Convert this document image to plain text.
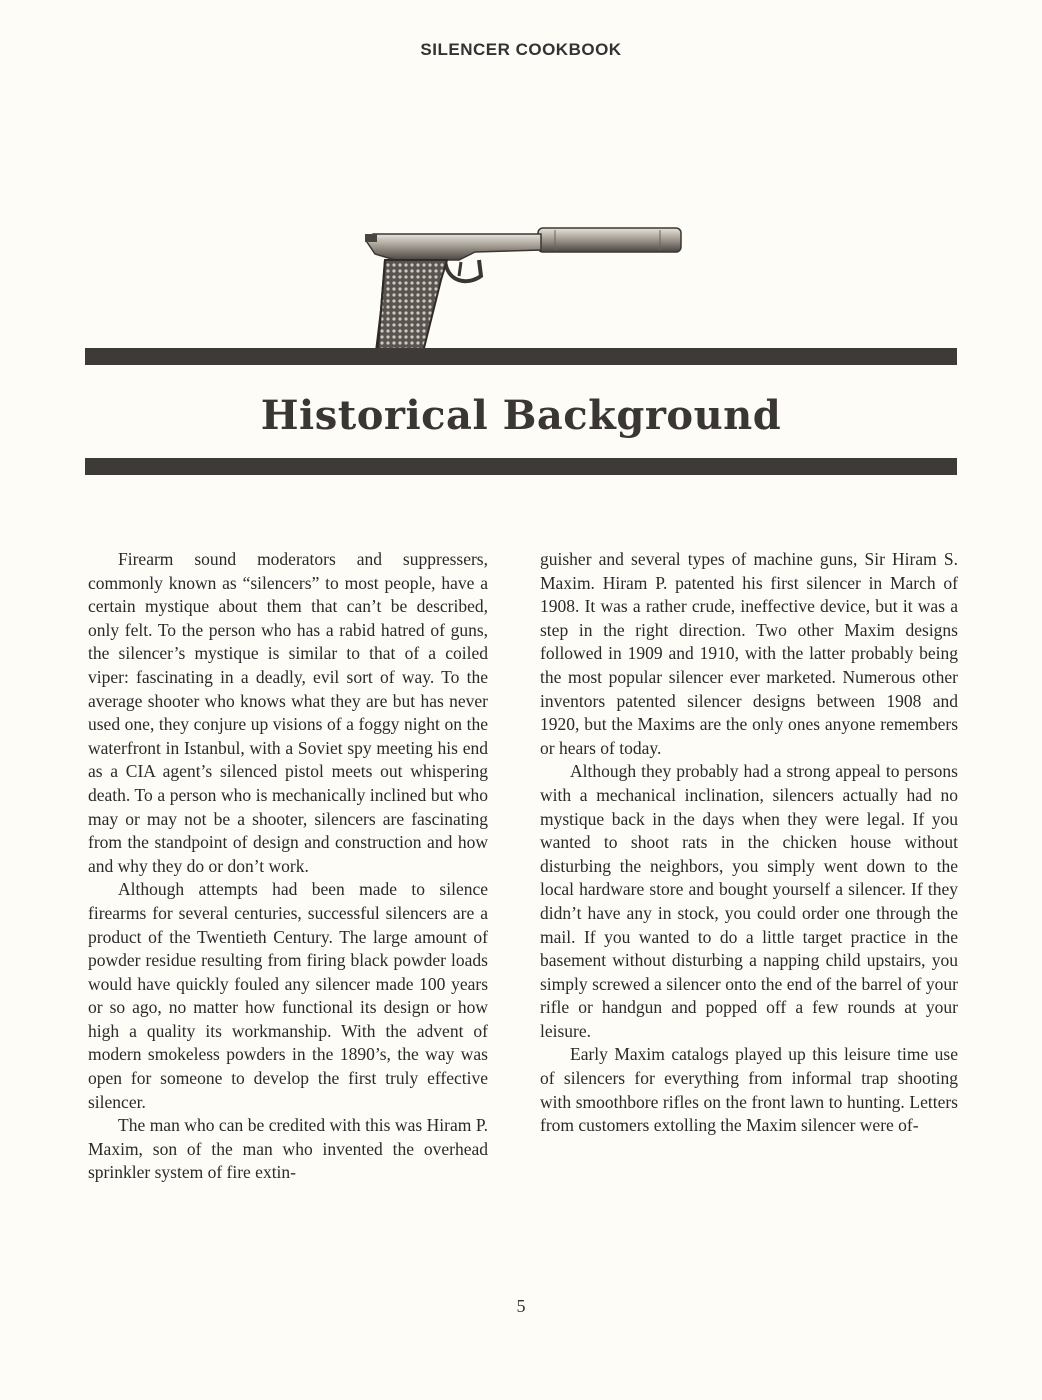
SILENCER COOKBOOK
Historical Background

Firearm sound moderators and suppressers, commonly known as “silencers” to most people, have a certain mystique about them that can’t be described, only felt. To the person who has a rabid hatred of guns, the silencer’s mystique is similar to that of a coiled viper: fascinating in a deadly, evil sort of way. To the average shooter who knows what they are but has never used one, they conjure up visions of a foggy night on the waterfront in Istanbul, with a Soviet spy meeting his end as a CIA agent’s silenced pistol meets out whispering death. To a person who is mechanically inclined but who may or may not be a shooter, silencers are fascinating from the standpoint of design and construction and how and why they do or don’t work.

Although attempts had been made to silence firearms for several centuries, successful silencers are a product of the Twentieth Century. The large amount of powder residue resulting from firing black powder loads would have quickly fouled any silencer made 100 years or so ago, no matter how functional its design or how high a quality its workmanship. With the advent of modern smokeless powders in the 1890’s, the way was open for someone to develop the first truly effective silencer.

The man who can be credited with this was Hiram P. Maxim, son of the man who invented the overhead sprinkler system of fire extin-

guisher and several types of machine guns, Sir Hiram S. Maxim. Hiram P. patented his first silencer in March of 1908. It was a rather crude, ineffective device, but it was a step in the right direction. Two other Maxim designs followed in 1909 and 1910, with the latter probably being the most popular silencer ever marketed. Numerous other inventors patented silencer designs between 1908 and 1920, but the Maxims are the only ones anyone remembers or hears of today.

Although they probably had a strong appeal to persons with a mechanical inclination, silencers actually had no mystique back in the days when they were legal. If you wanted to shoot rats in the chicken house without disturbing the neighbors, you simply went down to the local hardware store and bought yourself a silencer. If they didn’t have any in stock, you could order one through the mail. If you wanted to do a little target practice in the basement without disturbing a napping child upstairs, you simply screwed a silencer onto the end of the barrel of your rifle or handgun and popped off a few rounds at your leisure.

Early Maxim catalogs played up this leisure time use of silencers for everything from informal trap shooting with smoothbore rifles on the front lawn to hunting. Letters from customers extolling the Maxim silencer were of-

5
